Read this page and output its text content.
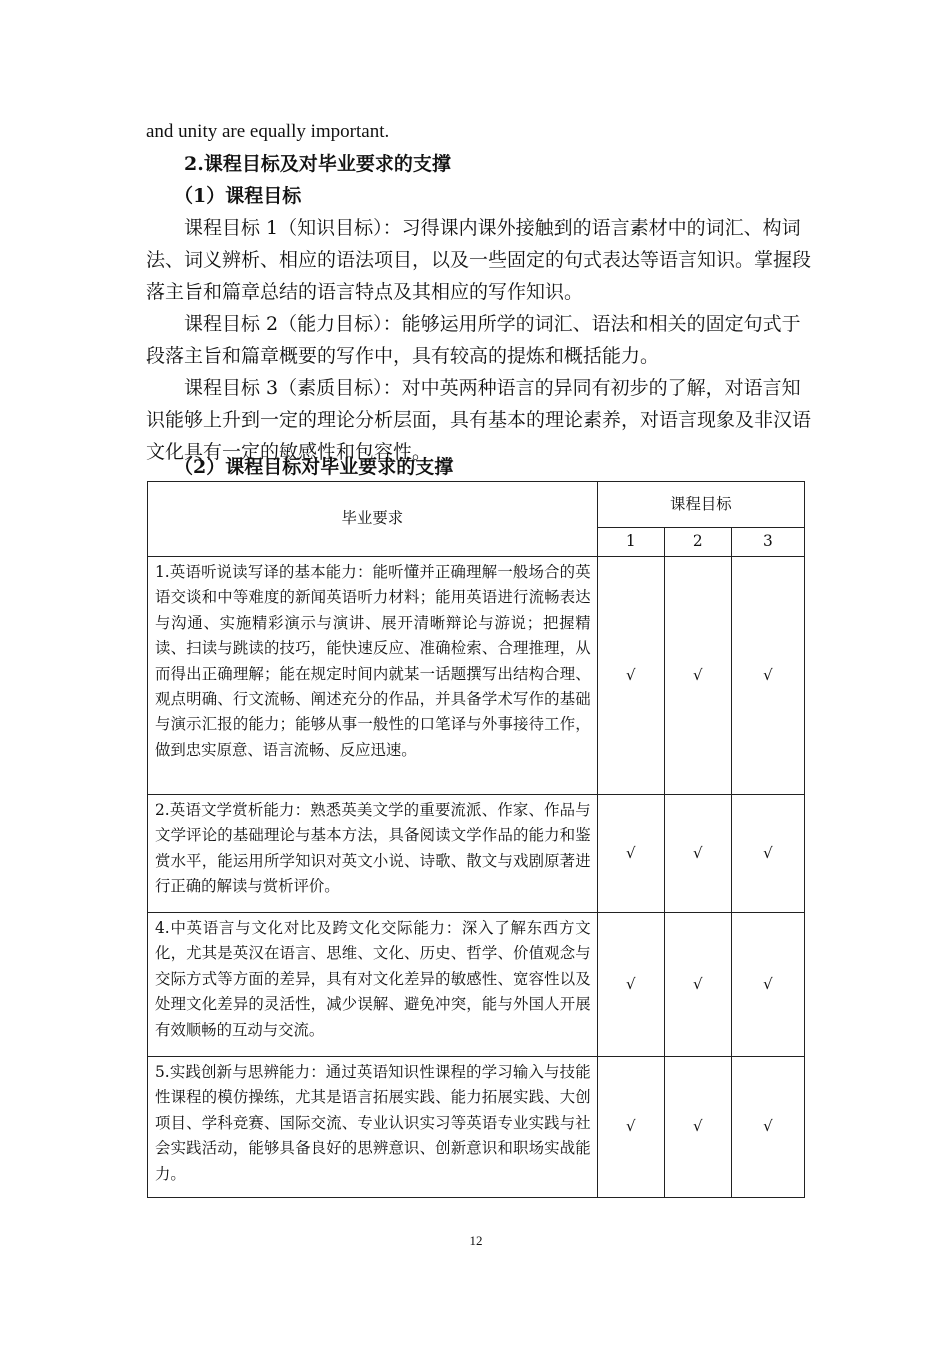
and unity are equally important.
2.课程目标及对毕业要求的支撑
（1）课程目标
课程目标 1（知识目标）：习得课内课外接触到的语言素材中的词汇、构词
法、词义辨析、相应的语法项目，以及一些固定的句式表达等语言知识。掌握段
落主旨和篇章总结的语言特点及其相应的写作知识。
课程目标 2（能力目标）：能够运用所学的词汇、语法和相关的固定句式于
段落主旨和篇章概要的写作中，具有较高的提炼和概括能力。
课程目标 3（素质目标）：对中英两种语言的异同有初步的了解，对语言知
识能够上升到一定的理论分析层面，具有基本的理论素养，对语言现象及非汉语
文化具有一定的敏感性和包容性。
（2）课程目标对毕业要求的支撑
毕业要求	课程目标		
	1	2	3
1.英语听说读写译的基本能力：能听懂并正确理解一般场合的英语交谈和中等难度的新闻英语听力材料；能用英语进行流畅表达与沟通、实施精彩演示与演讲、展开清晰辩论与游说；把握精读、扫读与跳读的技巧，能快速反应、准确检索、合理推理，从而得出正确理解；能在规定时间内就某一话题撰写出结构合理、观点明确、行文流畅、阐述充分的作品，并具备学术写作的基础与演示汇报的能力；能够从事一般性的口笔译与外事接待工作，做到忠实原意、语言流畅、反应迅速。	√	√	√
2.英语文学赏析能力：熟悉英美文学的重要流派、作家、作品与文学评论的基础理论与基本方法，具备阅读文学作品的能力和鉴赏水平，能运用所学知识对英文小说、诗歌、散文与戏剧原著进行正确的解读与赏析评价。	√	√	√
4.中英语言与文化对比及跨文化交际能力：深入了解东西方文化，尤其是英汉在语言、思维、文化、历史、哲学、价值观念与交际方式等方面的差异，具有对文化差异的敏感性、宽容性以及处理文化差异的灵活性，减少误解、避免冲突，能与外国人开展有效顺畅的互动与交流。	√	√	√
5.实践创新与思辨能力：通过英语知识性课程的学习输入与技能性课程的模仿操练，尤其是语言拓展实践、能力拓展实践、大创项目、学科竞赛、国际交流、专业认识实习等英语专业实践与社会实践活动，能够具备良好的思辨意识、创新意识和职场实战能力。	√	√	√
12
